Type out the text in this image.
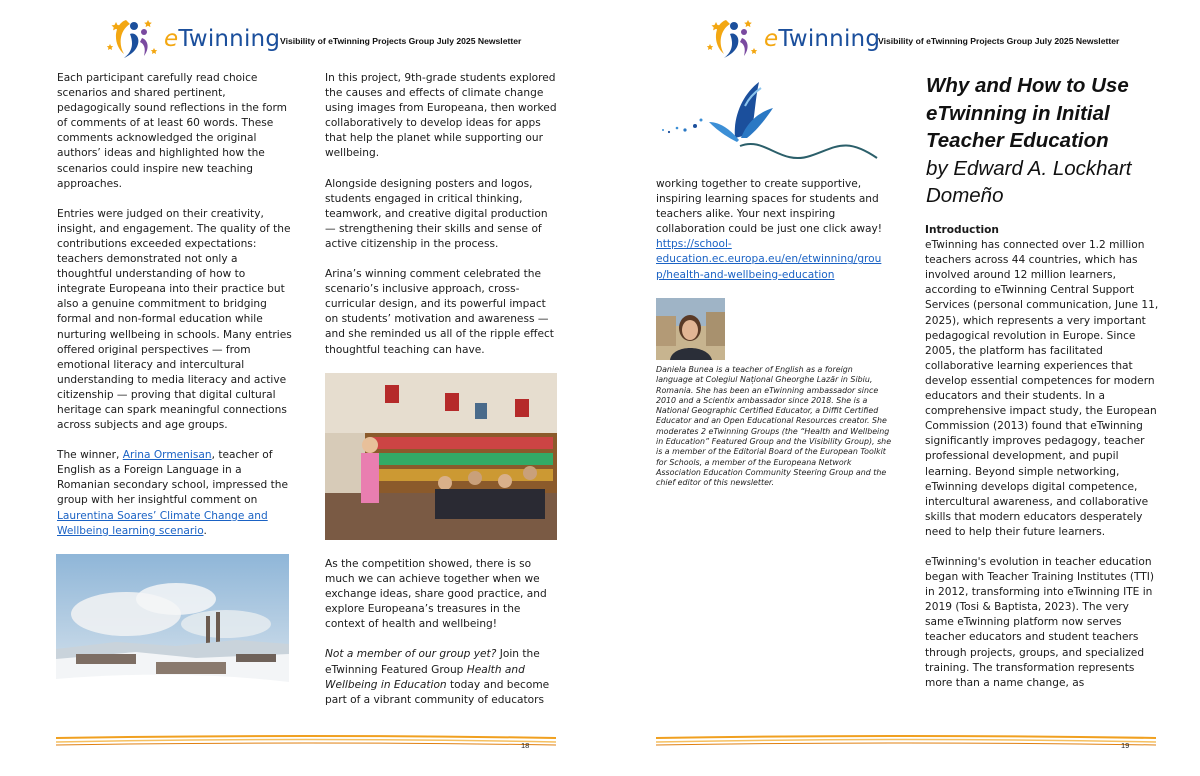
eTwinning Visibility of eTwinning Projects Group July 2025 Newsletter

Each participant carefully read choice scenarios and shared pertinent, pedagogically sound reflections in the form of comments of at least 60 words. These comments acknowledged the original authors’ ideas and highlighted how the scenarios could inspire new teaching approaches.

Entries were judged on their creativity, insight, and engagement. The quality of the contributions exceeded expectations: teachers demonstrated not only a thoughtful understanding of how to integrate Europeana into their practice but also a genuine commitment to bridging formal and non-formal education while nurturing wellbeing in schools. Many entries offered original perspectives — from emotional literacy and intercultural understanding to media literacy and active citizenship — proving that digital cultural heritage can spark meaningful connections across subjects and age groups.

The winner, Arina Ormenisan, teacher of English as a Foreign Language in a Romanian secondary school, impressed the group with her insightful comment on Laurentina Soares’ Climate Change and Wellbeing learning scenario.

In this project, 9th-grade students explored the causes and effects of climate change using images from Europeana, then worked collaboratively to develop ideas for apps that help the planet while supporting our wellbeing.

Alongside designing posters and logos, students engaged in critical thinking, teamwork, and creative digital production — strengthening their skills and sense of active citizenship in the process.

Arina’s winning comment celebrated the scenario’s inclusive approach, cross-curricular design, and its powerful impact on students’ motivation and awareness — and she reminded us all of the ripple effect thoughtful teaching can have.

As the competition showed, there is so much we can achieve together when we exchange ideas, share good practice, and explore Europeana’s treasures in the context of health and wellbeing!

Not a member of our group yet? Join the eTwinning Featured Group Health and Wellbeing in Education today and become part of a vibrant community of educators

18
eTwinning
Visibility of eTwinning Projects Group July 2025 Newsletter

working together to create supportive, inspiring learning spaces for students and teachers alike. Your next inspiring collaboration could be just one click away!

https://school-
education.ec.europa.eu/en/etwinning/grou
p/health-and-wellbeing-education
Daniela Bunea is a teacher of English as a foreign language at Colegiul Național Gheorghe Lazăr in Sibiu, Romania. She has been an eTwinning ambassador since 2010 and a Scientix ambassador since 2018. She is a National Geographic Certified Educator, a Diffit Certified Educator and an Open Educational Resources creator. She moderates 2 eTwinning Groups (the “Health and Wellbeing in Education” Featured Group and the Visibility Group), she is a member of the Editorial Board of the European Toolkit for Schools, a member of the Europeana Network Association Education Community Steering Group and the chief editor of this newsletter.
Why and How to Use eTwinning in Initial Teacher Education
by Edward A. Lockhart Domeño
Introduction

eTwinning has connected over 1.2 million teachers across 44 countries, which has involved around 12 million learners, according to eTwinning Central Support Services (personal communication, June 11, 2025), which represents a very important pedagogical revolution in Europe. Since 2005, the platform has facilitated collaborative learning experiences that develop essential competences for modern educators and their students. In a comprehensive impact study, the European Commission (2013) found that eTwinning significantly improves pedagogy, teacher professional development, and pupil learning. Beyond simple networking, eTwinning develops digital competence, intercultural awareness, and collaborative skills that modern educators desperately need to help their future learners.

eTwinning's evolution in teacher education began with Teacher Training Institutes (TTI) in 2012, transforming into eTwinning ITE in 2019 (Tosi & Baptista, 2023). The very same eTwinning platform now serves teacher educators and student teachers through projects, groups, and specialized training. The transformation represents more than a name change, as

19
